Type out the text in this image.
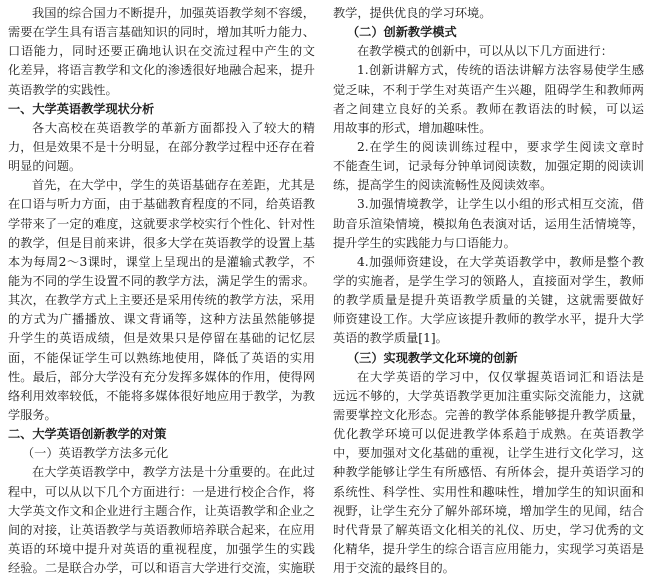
我国的综合国力不断提升，加强英语教学刻不容缓，
需要在学生具有语言基础知识的同时，增加其听力能力、
口语能力，同时还要正确地认识在交流过程中产生的文
化差异，将语言教学和文化的渗透很好地融合起来，提升
英语教学的实践性。
一、大学英语教学现状分析
各大高校在英语教学的革新方面都投入了较大的精
力，但是效果不是十分明显，在部分教学过程中还存在着
明显的问题。
首先，在大学中，学生的英语基础存在差距，尤其是
在口语与听力方面，由于基础教育程度的不同，给英语教
学带来了一定的难度，这就要求学校实行个性化、针对性
的教学，但是目前来讲，很多大学在英语教学的设置上基
本为每周2～3课时，课堂上呈现出的是灌输式教学，不
能为不同的学生设置不同的教学方法，满足学生的需求。
其次，在教学方式上主要还是采用传统的教学方法，采用
的方式为广播播放、课文背诵等，这种方法虽然能够提
升学生的英语成绩，但是效果只是停留在基础的记忆层
面，不能保证学生可以熟练地使用，降低了英语的实用
性。最后，部分大学没有充分发挥多媒体的作用，使得网
络利用效率较低，不能将多媒体很好地应用于教学，为教
学服务。
二、大学英语创新教学的对策
（一）英语教学方法多元化
在大学英语教学中，教学方法是十分重要的。在此过
程中，可以从以下几个方面进行：一是进行校企合作，将
大学英文作文和企业进行主题合作，让英语教学和企业之
间的对接，让英语教学与英语教师培养联合起来，在应用
英语的环境中提升对英语的重视程度，加强学生的实践
经验。二是联合办学，可以和语言大学进行交流，实施联
教学，提供优良的学习环境。
（二）创新教学模式
在教学模式的创新中，可以从以下几方面进行：
1.创新讲解方式，传统的语法讲解方法容易使学生感
觉乏味，不利于学生对英语产生兴趣，阻碍学生和教师两
者之间建立良好的关系。教师在教语法的时候，可以运
用故事的形式，增加趣味性。
2.在学生的阅读训练过程中，要求学生阅读文章时
不能查生词，记录每分钟单词阅读数，加强定期的阅读训
练，提高学生的阅读流畅性及阅读效率。
3.加强情境教学，让学生以小组的形式相互交流，借
助音乐渲染情境，模拟角色表演对话，运用生活情境等，
提升学生的实践能力与口语能力。
4.加强师资建设，在大学英语教学中，教师是整个教
学的实施者，是学生学习的领路人，直接面对学生，教师
的教学质量是提升英语教学质量的关键，这就需要做好
师资建设工作。大学应该提升教师的教学水平，提升大学
英语的教学质量[1]。
（三）实现教学文化环境的创新
在大学英语的学习中，仅仅掌握英语词汇和语法是
远远不够的，大学英语教学更加注重实际交流能力，这就
需要掌控文化形态。完善的教学体系能够提升教学质量，
优化教学环境可以促进教学体系趋于成熟。在英语教学
中，要加强对文化基础的重视，让学生进行文化学习，这
种教学能够让学生有所感悟、有所体会，提升英语学习的
系统性、科学性、实用性和趣味性，增加学生的知识面和
视野，让学生充分了解外部环境，增加学生的见闻，结合
时代背景了解英语文化相关的礼仪、历史，学习优秀的文
化精华，提升学生的综合语言应用能力，实现学习英语是
用于交流的最终目的。
